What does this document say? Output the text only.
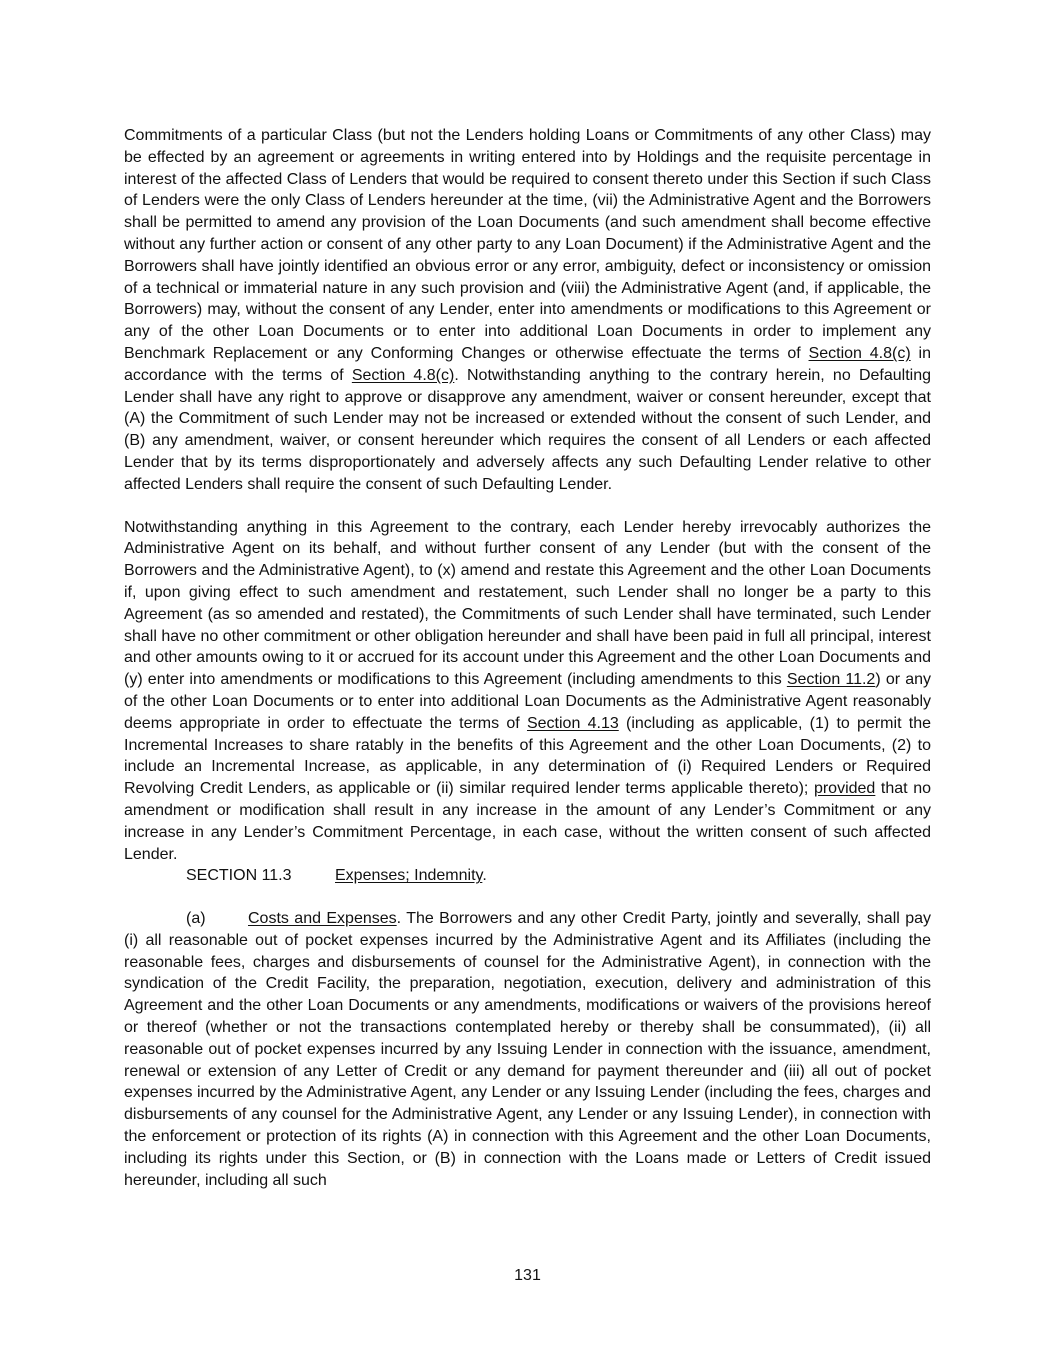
Commitments of a particular Class (but not the Lenders holding Loans or Commitments of any other Class) may be effected by an agreement or agreements in writing entered into by Holdings and the requisite percentage in interest of the affected Class of Lenders that would be required to consent thereto under this Section if such Class of Lenders were the only Class of Lenders hereunder at the time, (vii) the Administrative Agent and the Borrowers shall be permitted to amend any provision of the Loan Documents (and such amendment shall become effective without any further action or consent of any other party to any Loan Document) if the Administrative Agent and the Borrowers shall have jointly identified an obvious error or any error, ambiguity, defect or inconsistency or omission of a technical or immaterial nature in any such provision and (viii) the Administrative Agent (and, if applicable, the Borrowers) may, without the consent of any Lender, enter into amendments or modifications to this Agreement or any of the other Loan Documents or to enter into additional Loan Documents in order to implement any Benchmark Replacement or any Conforming Changes or otherwise effectuate the terms of Section 4.8(c) in accordance with the terms of Section 4.8(c). Notwithstanding anything to the contrary herein, no Defaulting Lender shall have any right to approve or disapprove any amendment, waiver or consent hereunder, except that (A) the Commitment of such Lender may not be increased or extended without the consent of such Lender, and (B) any amendment, waiver, or consent hereunder which requires the consent of all Lenders or each affected Lender that by its terms disproportionately and adversely affects any such Defaulting Lender relative to other affected Lenders shall require the consent of such Defaulting Lender.

Notwithstanding anything in this Agreement to the contrary, each Lender hereby irrevocably authorizes the Administrative Agent on its behalf, and without further consent of any Lender (but with the consent of the Borrowers and the Administrative Agent), to (x) amend and restate this Agreement and the other Loan Documents if, upon giving effect to such amendment and restatement, such Lender shall no longer be a party to this Agreement (as so amended and restated), the Commitments of such Lender shall have terminated, such Lender shall have no other commitment or other obligation hereunder and shall have been paid in full all principal, interest and other amounts owing to it or accrued for its account under this Agreement and the other Loan Documents and (y) enter into amendments or modifications to this Agreement (including amendments to this Section 11.2) or any of the other Loan Documents or to enter into additional Loan Documents as the Administrative Agent reasonably deems appropriate in order to effectuate the terms of Section 4.13 (including as applicable, (1) to permit the Incremental Increases to share ratably in the benefits of this Agreement and the other Loan Documents, (2) to include an Incremental Increase, as applicable, in any determination of (i) Required Lenders or Required Revolving Credit Lenders, as applicable or (ii) similar required lender terms applicable thereto); provided that no amendment or modification shall result in any increase in the amount of any Lender’s Commitment or any increase in any Lender’s Commitment Percentage, in each case, without the written consent of such affected Lender.

SECTION 11.3	Expenses; Indemnity.

(a)	Costs and Expenses. The Borrowers and any other Credit Party, jointly and severally, shall pay (i) all reasonable out of pocket expenses incurred by the Administrative Agent and its Affiliates (including the reasonable fees, charges and disbursements of counsel for the Administrative Agent), in connection with the syndication of the Credit Facility, the preparation, negotiation, execution, delivery and administration of this Agreement and the other Loan Documents or any amendments, modifications or waivers of the provisions hereof or thereof (whether or not the transactions contemplated hereby or thereby shall be consummated), (ii) all reasonable out of pocket expenses incurred by any Issuing Lender in connection with the issuance, amendment, renewal or extension of any Letter of Credit or any demand for payment thereunder and (iii) all out of pocket expenses incurred by the Administrative Agent, any Lender or any Issuing Lender (including the fees, charges and disbursements of any counsel for the Administrative Agent, any Lender or any Issuing Lender), in connection with the enforcement or protection of its rights (A) in connection with this Agreement and the other Loan Documents, including its rights under this Section, or (B) in connection with the Loans made or Letters of Credit issued hereunder, including all such

131
